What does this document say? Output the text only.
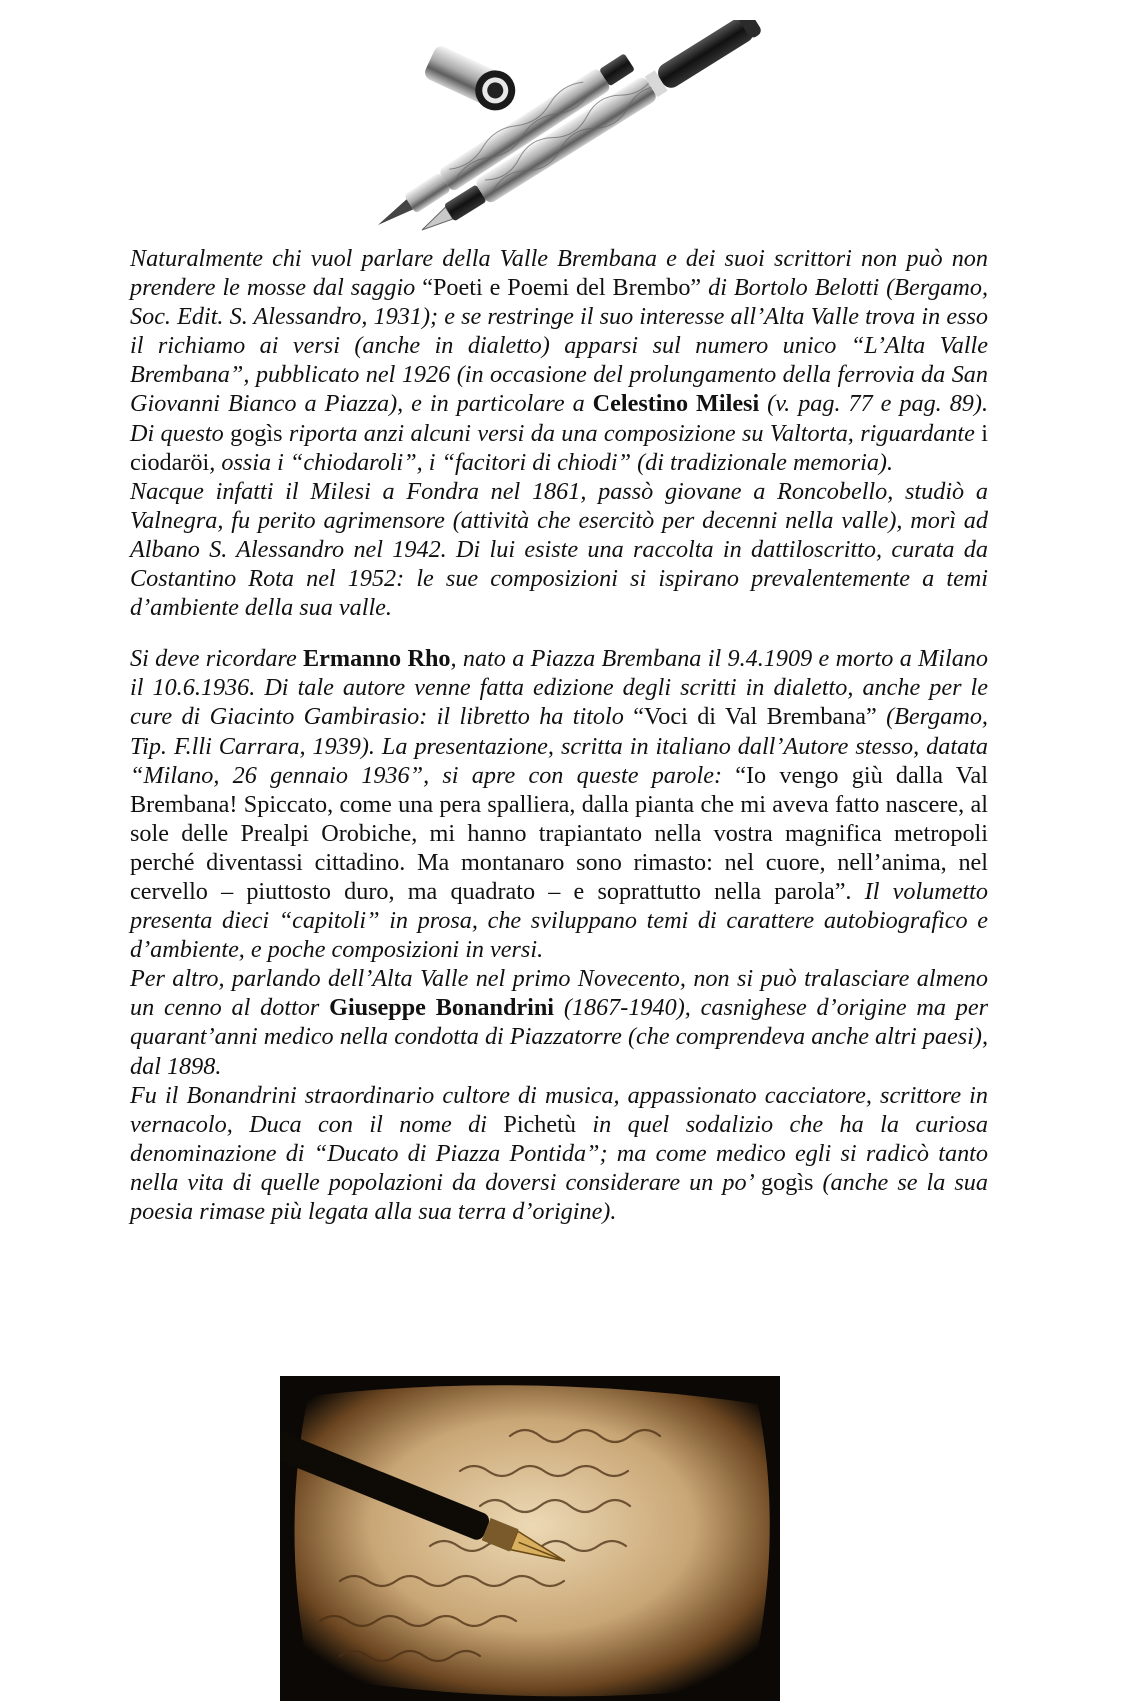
Naturalmente chi vuol parlare della Valle Brembana e dei suoi scrittori non può non prendere le mosse dal saggio “Poeti e Poemi del Brembo” di Bortolo Belotti (Bergamo, Soc. Edit. S. Alessandro, 1931); e se restringe il suo interesse all’Alta Valle trova in esso il richiamo ai versi (anche in dialetto) apparsi sul numero unico “L’Alta Valle Brembana”, pubblicato nel 1926 (in occasione del prolungamento della ferrovia da San Giovanni Bianco a Piazza), e in particolare a Celestino Milesi (v. pag. 77 e pag. 89). Di questo gogìs riporta anzi alcuni versi da una composizione su Valtorta, riguardante i ciodaröi, ossia i “chiodaroli”, i “facitori di chiodi” (di tradizionale memoria).

Nacque infatti il Milesi a Fondra nel 1861, passò giovane a Roncobello, studiò a Valnegra, fu perito agrimensore (attività che esercitò per decenni nella valle), morì ad Albano S. Alessandro nel 1942. Di lui esiste una raccolta in dattiloscritto, curata da Costantino Rota nel 1952: le sue composizioni si ispirano prevalentemente a temi d’ambiente della sua valle.

Si deve ricordare Ermanno Rho, nato a Piazza Brembana il 9.4.1909 e morto a Milano il 10.6.1936. Di tale autore venne fatta edizione degli scritti in dialetto, anche per le cure di Giacinto Gambirasio: il libretto ha titolo “Voci di Val Brembana” (Bergamo, Tip. F.lli Carrara, 1939). La presentazione, scritta in italiano dall’Autore stesso, datata “Milano, 26 gennaio 1936”, si apre con queste parole: “Io vengo giù dalla Val Brembana! Spiccato, come una pera spalliera, dalla pianta che mi aveva fatto nascere, al sole delle Prealpi Orobiche, mi hanno trapiantato nella vostra magnifica metropoli perché diventassi cittadino. Ma montanaro sono rimasto: nel cuore, nell’anima, nel cervello – piuttosto duro, ma quadrato – e soprattutto nella parola”. Il volumetto presenta dieci “capitoli” in prosa, che sviluppano temi di carattere autobiografico e d’ambiente, e poche composizioni in versi.

Per altro, parlando dell’Alta Valle nel primo Novecento, non si può tralasciare almeno un cenno al dottor Giuseppe Bonandrini (1867-1940), casnighese d’origine ma per quarant’anni medico nella condotta di Piazzatorre (che comprendeva anche altri paesi), dal 1898.

Fu il Bonandrini straordinario cultore di musica, appassionato cacciatore, scrittore in vernacolo, Duca con il nome di Pichetù in quel sodalizio che ha la curiosa denominazione di “Ducato di Piazza Pontida”; ma come medico egli si radicò tanto nella vita di quelle popolazioni da doversi considerare un po’ gogìs (anche se la sua poesia rimase più legata alla sua terra d’origine).
